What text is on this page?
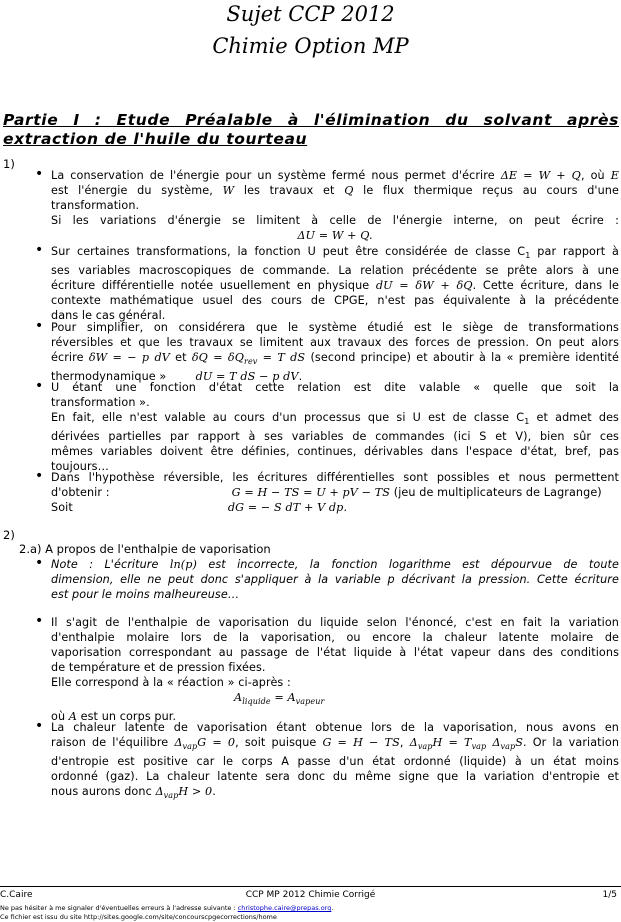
Sujet CCP 2012
Chimie Option MP
Partie I : Etude Préalable à l'élimination du solvant après
extraction de l'huile du tourteau
1)
• La conservation de l'énergie pour un système fermé nous permet d'écrire ΔE = W + Q, où E
est l'énergie du système, W les travaux et Q le flux thermique reçus au cours d'une
transformation.
Si les variations d'énergie se limitent à celle de l'énergie interne, on peut écrire :
ΔU = W + Q.
• Sur certaines transformations, la fonction U peut être considérée de classe $C_1$ par rapport à
ses variables macroscopiques de commande. La relation précédente se prête alors à une
écriture différentielle notée usuellement en physique dU = δW + δQ. Cette écriture, dans le
contexte mathématique usuel des cours de CPGE, n'est pas équivalente à la précédente
dans le cas général.
• Pour simplifier, on considérera que le système étudié est le siège de transformations
réversibles et que les travaux se limitent aux travaux des forces de pression. On peut alors
écrire δW = − p dV et $\delta Q = \delta Q_{rev} = T$ dS (second principe) et aboutir à la « première identité
thermodynamique »        dU = T dS − p dV.
• U étant une fonction d'état cette relation est dite valable « quelle que soit la
transformation ».
En fait, elle n'est valable au cours d'un processus que si U est de classe $C_1$ et admet des
dérivées partielles par rapport à ses variables de commandes (ici S et V), bien sûr ces
mêmes variables doivent être définies, continues, dérivables dans l'espace d'état, bref, pas
toujours…
• Dans l'hypothèse réversible, les écritures différentielles sont possibles et nous permettent
d'obtenir :	G = H − TS = U + pV − TS (jeu de multiplicateurs de Lagrange)
Soit	dG = − S dT + V dp.
2)
2.a) A propos de l'enthalpie de vaporisation
• Note : L'écriture ln(p) est incorrecte, la fonction logarithme est dépourvue de toute
dimension, elle ne peut donc s'appliquer à la variable p décrivant la pression. Cette écriture
est pour le moins malheureuse…
• Il s'agit de l'enthalpie de vaporisation du liquide selon l'énoncé, c'est en fait la variation
d'enthalpie molaire lors de la vaporisation, ou encore la chaleur latente molaire de
vaporisation correspondant au passage de l'état liquide à l'état vapeur dans des conditions
de température et de pression fixées.
Elle correspond à la « réaction » ci-après :
$A_{liquide} = A_{vapeur}$
où A est un corps pur.
• La chaleur latente de vaporisation étant obtenue lors de la vaporisation, nous avons en
raison de l'équilibre $\Delta_{vap}G = 0$, soit puisque G = H − TS, $\Delta_{vap}H = T_{vap}$ $\Delta_{vap}S$. Or la variation
d'entropie est positive car le corps A passe d'un état ordonné (liquide) à un état moins
ordonné (gaz). La chaleur latente sera donc du même signe que la variation d'entropie et
nous aurons donc $\Delta_{vap}H > 0$.
C.Caire	CCP MP 2012 Chimie Corrigé	1/5
Ne pas hésiter à me signaler d'éventuelles erreurs à l'adresse suivante : christophe.caire@prepas.org.
Ce fichier est issu du site http://sites.google.com/site/concourscpgecorrections/home
